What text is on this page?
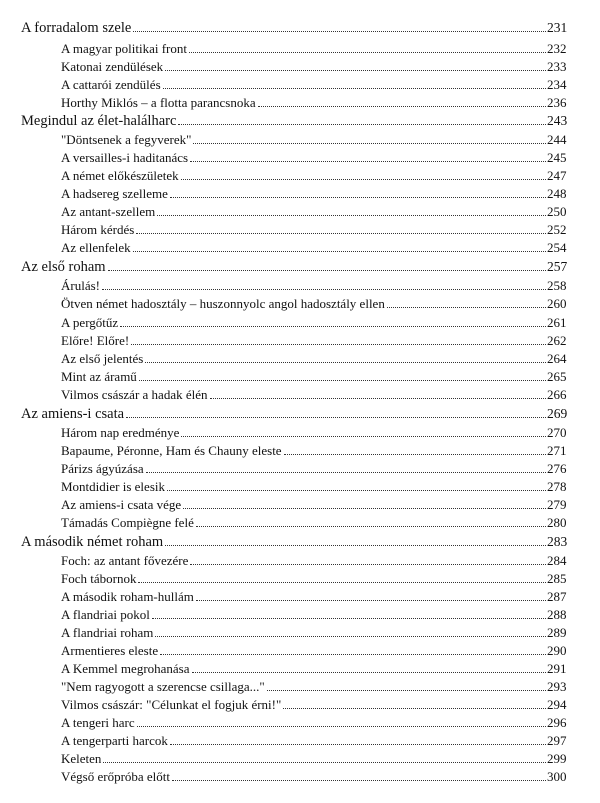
A forradalom szele	231
A magyar politikai front	232
Katonai zendülések	233
A cattarói zendülés	234
Horthy Miklós – a flotta parancsnoka	236
Megindul az élet-halálharc	243
"Döntsenek a fegyverek"	244
A versailles-i haditanács	245
A német előkészületek	247
A hadsereg szelleme	248
Az antant-szellem	250
Három kérdés	252
Az ellenfelek	254
Az első roham	257
Árulás!	258
Ötven német hadosztály – huszonnyolc angol hadosztály ellen	260
A pergőtűz	261
Előre! Előre!	262
Az első jelentés	264
Mint az áramű	265
Vilmos császár a hadak élén	266
Az amiens-i csata	269
Három nap eredménye	270
Bapaume, Péronne, Ham és Chauny eleste	271
Párizs ágyúzása	276
Montdidier is elesik	278
Az amiens-i csata vége	279
Támadás Compiègne felé	280
A második német roham	283
Foch: az antant fővezére	284
Foch tábornok	285
A második roham-hullám	287
A flandriai pokol	288
A flandriai roham	289
Armentieres eleste	290
A Kemmel megrohanása	291
"Nem ragyogott a szerencse csillaga..."	293
Vilmos császár: "Célunkat el fogjuk érni!"	294
A tengeri harc	296
A tengerparti harcok	297
Keleten	299
Végső erőpróba előtt	300
